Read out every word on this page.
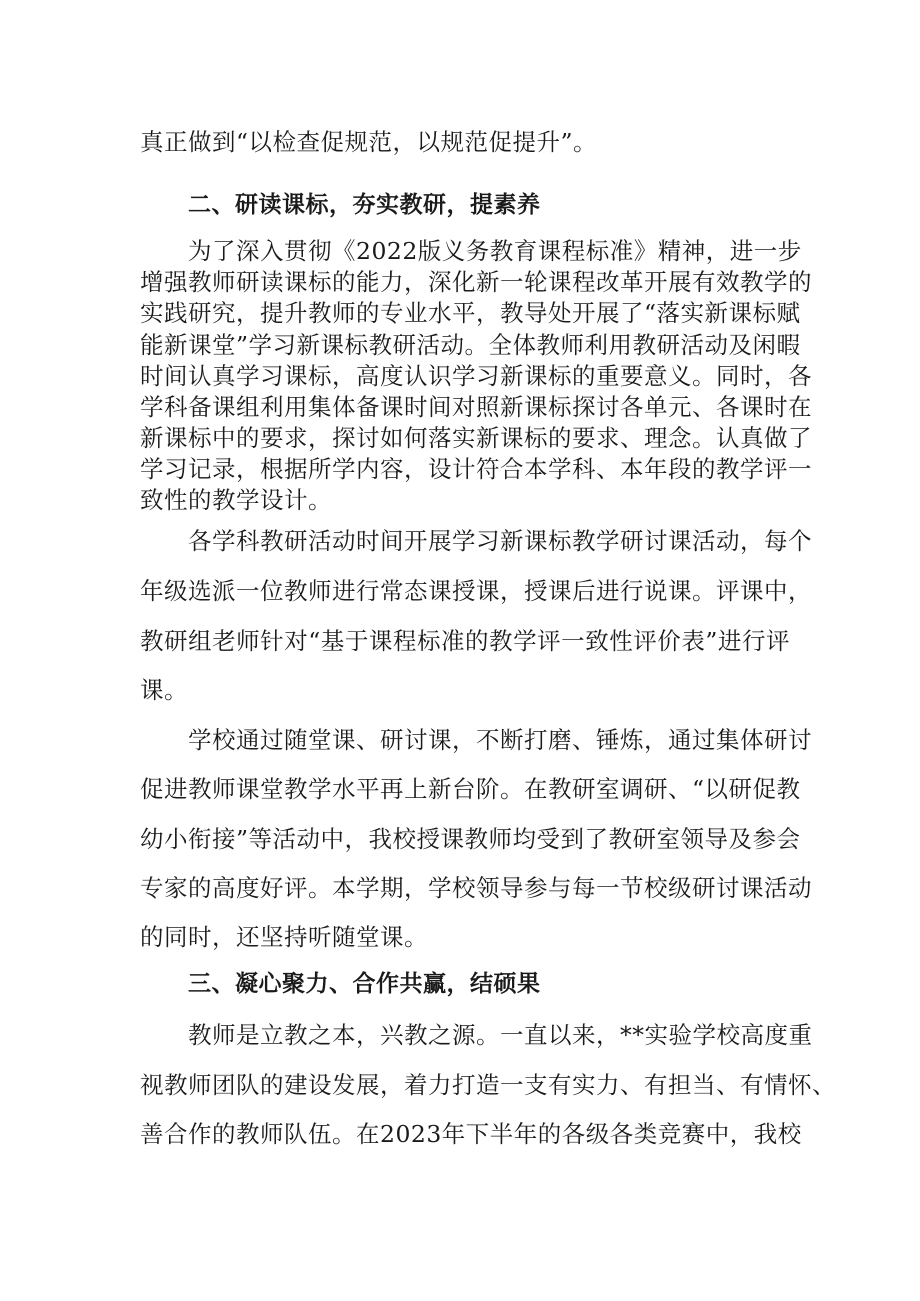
真正做到“以检查促规范，以规范促提升”。
二、研读课标，夯实教研，提素养
为了深入贯彻《2022版义务教育课程标准》精神，进一步
增强教师研读课标的能力，深化新一轮课程改革开展有效教学的
实践研究，提升教师的专业水平，教导处开展了“落实新课标赋
能新课堂”学习新课标教研活动。全体教师利用教研活动及闲暇
时间认真学习课标，高度认识学习新课标的重要意义。同时，各
学科备课组利用集体备课时间对照新课标探讨各单元、各课时在
新课标中的要求，探讨如何落实新课标的要求、理念。认真做了
学习记录，根据所学内容，设计符合本学科、本年段的教学评一
致性的教学设计。
各学科教研活动时间开展学习新课标教学研讨课活动，每个
年级选派一位教师进行常态课授课，授课后进行说课。评课中，
教研组老师针对“基于课程标准的教学评一致性评价表”进行评
课。
学校通过随堂课、研讨课，不断打磨、锤炼，通过集体研讨
促进教师课堂教学水平再上新台阶。在教研室调研、“以研促教
幼小衔接”等活动中，我校授课教师均受到了教研室领导及参会
专家的高度好评。本学期，学校领导参与每一节校级研讨课活动
的同时，还坚持听随堂课。
三、凝心聚力、合作共赢，结硕果
教师是立教之本，兴教之源。一直以来，**实验学校高度重
视教师团队的建设发展，着力打造一支有实力、有担当、有情怀、
善合作的教师队伍。在2023年下半年的各级各类竞赛中，我校
